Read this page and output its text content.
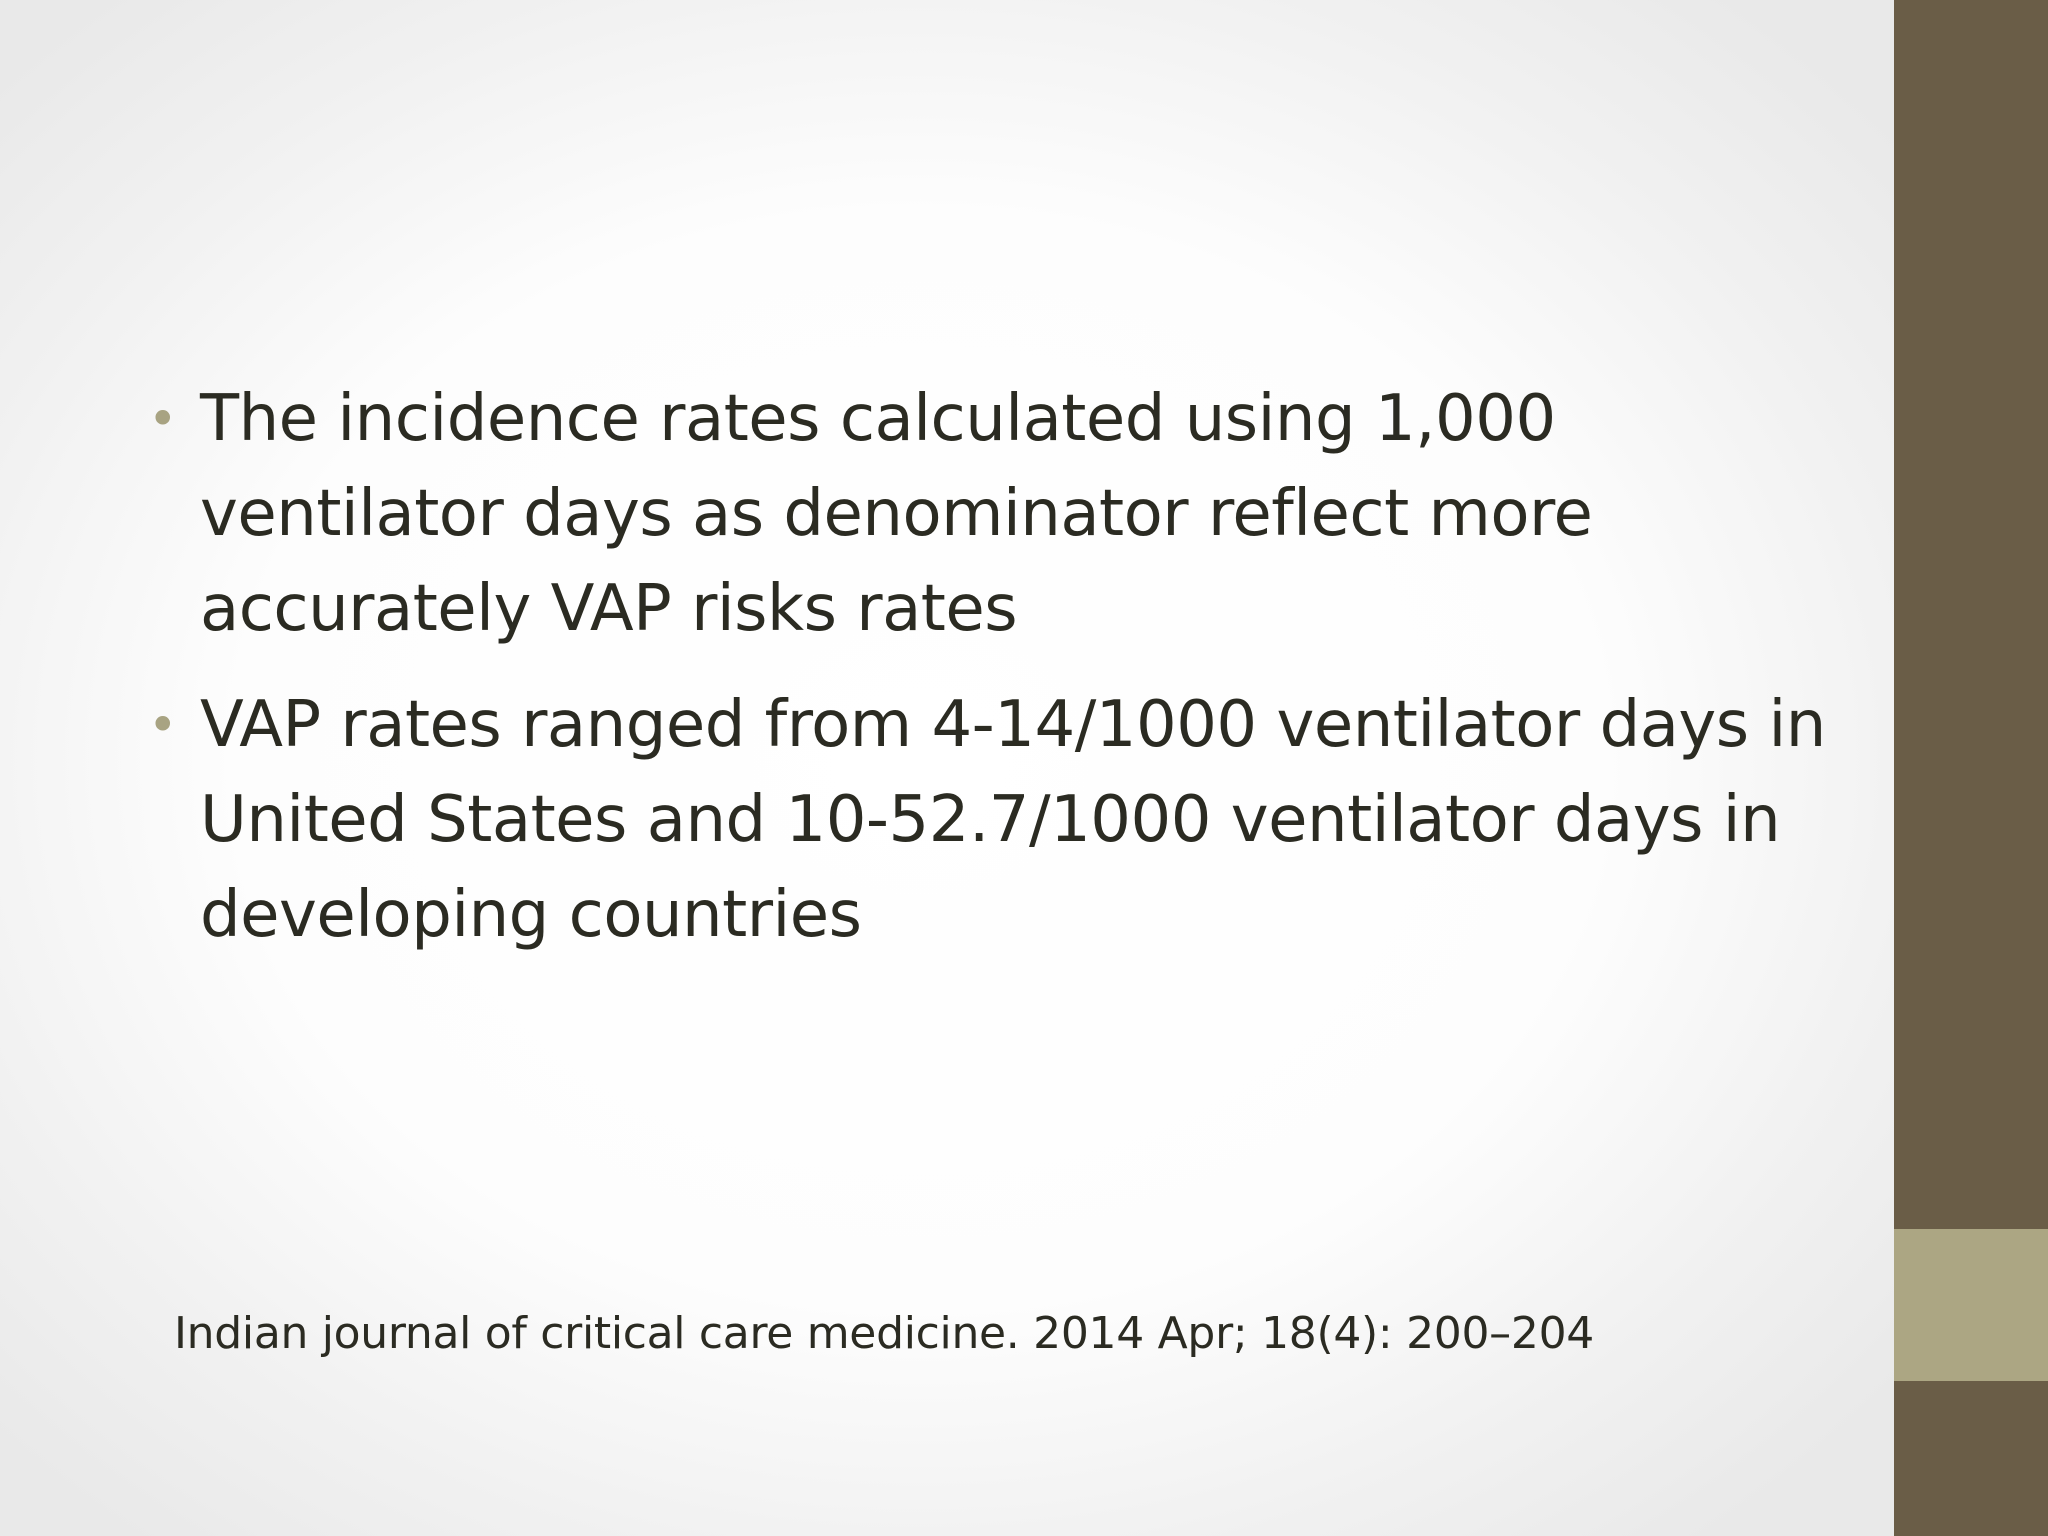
• The incidence rates calculated using 1,000 ventilator days as denominator reflect more accurately VAP risks rates
• VAP rates ranged from 4-14/1000 ventilator days in United States and 10-52.7/1000 ventilator days in developing countries
Indian journal of critical care medicine. 2014 Apr; 18(4): 200–204
